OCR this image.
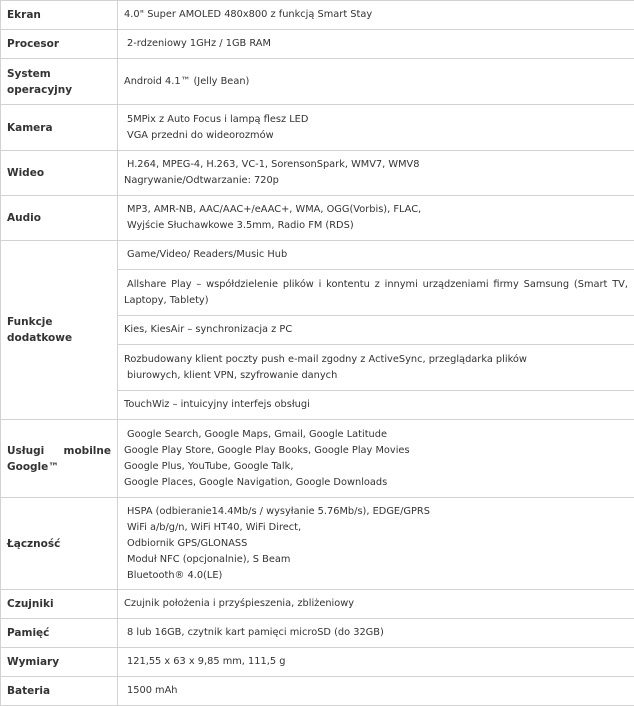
Ekran	4.0" Super AMOLED 480x800 z funkcją Smart Stay

Procesor	2-rdzeniowy 1GHz / 1GB RAM

System
operacyjny	Android 4.1™ (Jelly Bean)

Kamera	5MPix z Auto Focus i lampą flesz LED
VGA przedni do wideorozmów

Wideo	H.264, MPEG-4, H.263, VC-1, SorensonSpark, WMV7, WMV8
Nagrywanie/Odtwarzanie: 720p

Audio	MP3, AMR-NB, AAC/AAC+/eAAC+, WMA, OGG(Vorbis), FLAC,
Wyjście Słuchawkowe 3.5mm, Radio FM (RDS)

Funkcje
dodatkowe	Game/Video/ Readers/Music Hub

	Allshare Play – współdzielenie plików i kontentu z innymi urządzeniami firmy Samsung (Smart TV,
Laptopy, Tablety)

	Kies, KiesAir – synchronizacja z PC

	Rozbudowany klient poczty push e-mail zgodny z ActiveSync, przeglądarka plików
biurowych, klient VPN, szyfrowanie danych

	TouchWiz – intuicyjny interfejs obsługi

Usługi mobilne
Google™	Google Search, Google Maps, Gmail, Google Latitude
Google Play Store, Google Play Books, Google Play Movies
Google Plus, YouTube, Google Talk,
Google Places, Google Navigation, Google Downloads

Łączność	HSPA (odbieranie14.4Mb/s / wysyłanie 5.76Mb/s), EDGE/GPRS
WiFi a/b/g/n, WiFi HT40, WiFi Direct,
Odbiornik GPS/GLONASS
Moduł NFC (opcjonalnie), S Beam
Bluetooth® 4.0(LE)

Czujniki	Czujnik położenia i przyśpieszenia, zbliżeniowy

Pamięć	8 lub 16GB, czytnik kart pamięci microSD (do 32GB)

Wymiary	121,55 x 63 x 9,85 mm, 111,5 g

Bateria	1500 mAh
